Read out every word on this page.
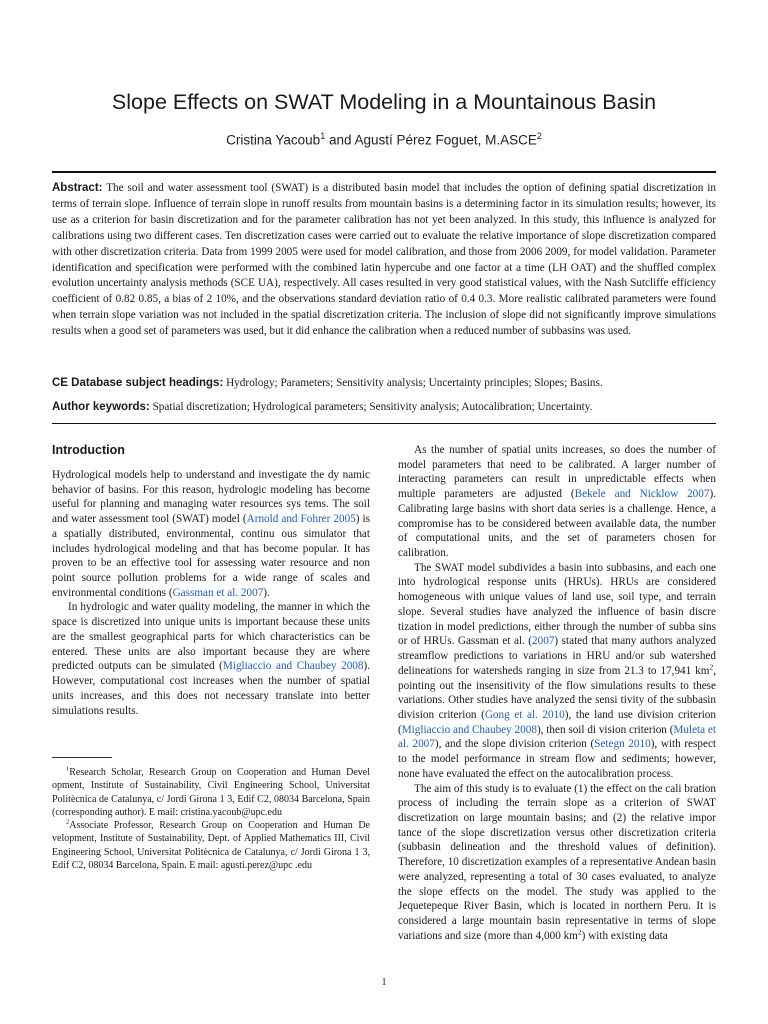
Slope Effects on SWAT Modeling in a Mountainous Basin
Cristina Yacoub$^1$ and Agustí Pérez Foguet, M.ASCE$^2$
Abstract: The soil and water assessment tool (SWAT) is a distributed basin model that includes the option of defining spatial discretization in terms of terrain slope. Influence of terrain slope in runoff results from mountain basins is a determining factor in its simulation results; however, its use as a criterion for basin discretization and for the parameter calibration has not yet been analyzed. In this study, this influence is analyzed for calibrations using two different cases. Ten discretization cases were carried out to evaluate the relative importance of slope discretization compared with other discretization criteria. Data from 1999 2005 were used for model calibration, and those from 2006 2009, for model validation. Parameter identification and specification were performed with the combined latin hypercube and one factor at a time (LH OAT) and the shuffled complex evolution uncertainty analysis methods (SCE UA), respectively. All cases resulted in very good statistical values, with the Nash Sutcliffe efficiency coefficient of 0.82 0.85, a bias of 2 10%, and the observations standard deviation ratio of 0.4 0.3. More realistic calibrated parameters were found when terrain slope variation was not included in the spatial discretization criteria. The inclusion of slope did not significantly improve simulations results when a good set of parameters was used, but it did enhance the calibration when a reduced number of subbasins was used.
CE Database subject headings: Hydrology; Parameters; Sensitivity analysis; Uncertainty principles; Slopes; Basins.
Author keywords: Spatial discretization; Hydrological parameters; Sensitivity analysis; Autocalibration; Uncertainty.
Introduction

Hydrological models help to understand and investigate the dy namic behavior of basins. For this reason, hydrologic modeling has become useful for planning and managing water resources sys tems. The soil and water assessment tool (SWAT) model (Arnold and Fohrer 2005) is a spatially distributed, environmental, continu ous simulator that includes hydrological modeling and that has become popular. It has proven to be an effective tool for assessing water resource and non point source pollution problems for a wide range of scales and environmental conditions (Gassman et al. 2007).

In hydrologic and water quality modeling, the manner in which the space is discretized into unique units is important because these units are the smallest geographical parts for which characteristics can be entered. These units are also important because they are where predicted outputs can be simulated (Migliaccio and Chaubey 2008). However, computational cost increases when the number of spatial units increases, and this does not necessary translate into better simulations results.

$^1$Research Scholar, Research Group on Cooperation and Human Devel opment, Institute of Sustainability, Civil Engineering School, Universitat Politècnica de Catalunya, c/ Jordi Girona 1 3, Edif C2, 08034 Barcelona, Spain (corresponding author). E mail: cristina.yacoub@upc.edu

$^2$Associate Professor, Research Group on Cooperation and Human De velopment, Institute of Sustainability, Dept. of Applied Mathematics III, Civil Engineering School, Universitat Politècnica de Catalunya, c/ Jordi Girona 1 3, Edif C2, 08034 Barcelona, Spain. E mail: agusti.perez@upc .edu

As the number of spatial units increases, so does the number of model parameters that need to be calibrated. A larger number of interacting parameters can result in unpredictable effects when multiple parameters are adjusted (Bekele and Nicklow 2007). Calibrating large basins with short data series is a challenge. Hence, a compromise has to be considered between available data, the number of computational units, and the set of parameters chosen for calibration.

The SWAT model subdivides a basin into subbasins, and each one into hydrological response units (HRUs). HRUs are considered homogeneous with unique values of land use, soil type, and terrain slope. Several studies have analyzed the influence of basin discre tization in model predictions, either through the number of subba sins or of HRUs. Gassman et al. (2007) stated that many authors analyzed streamflow predictions to variations in HRU and/or sub watershed delineations for watersheds ranging in size from 21.3 to 17,941 $km^2$, pointing out the insensitivity of the flow simulations results to these variations. Other studies have analyzed the sensi tivity of the subbasin division criterion (Gong et al. 2010), the land use division criterion (Migliaccio and Chaubey 2008), then soil di vision criterion (Muleta et al. 2007), and the slope division criterion (Setegn 2010), with respect to the model performance in stream flow and sediments; however, none have evaluated the effect on the autocalibration process.

The aim of this study is to evaluate (1) the effect on the cali bration process of including the terrain slope as a criterion of SWAT discretization on large mountain basins; and (2) the relative impor tance of the slope discretization versus other discretization criteria (subbasin delineation and the threshold values of definition). Therefore, 10 discretization examples of a representative Andean basin were analyzed, representing a total of 30 cases evaluated, to analyze the slope effects on the model. The study was applied to the Jequetepeque River Basin, which is located in northern Peru. It is considered a large mountain basin representative in terms of slope variations and size (more than 4,000 $km^2$) with existing data

1
